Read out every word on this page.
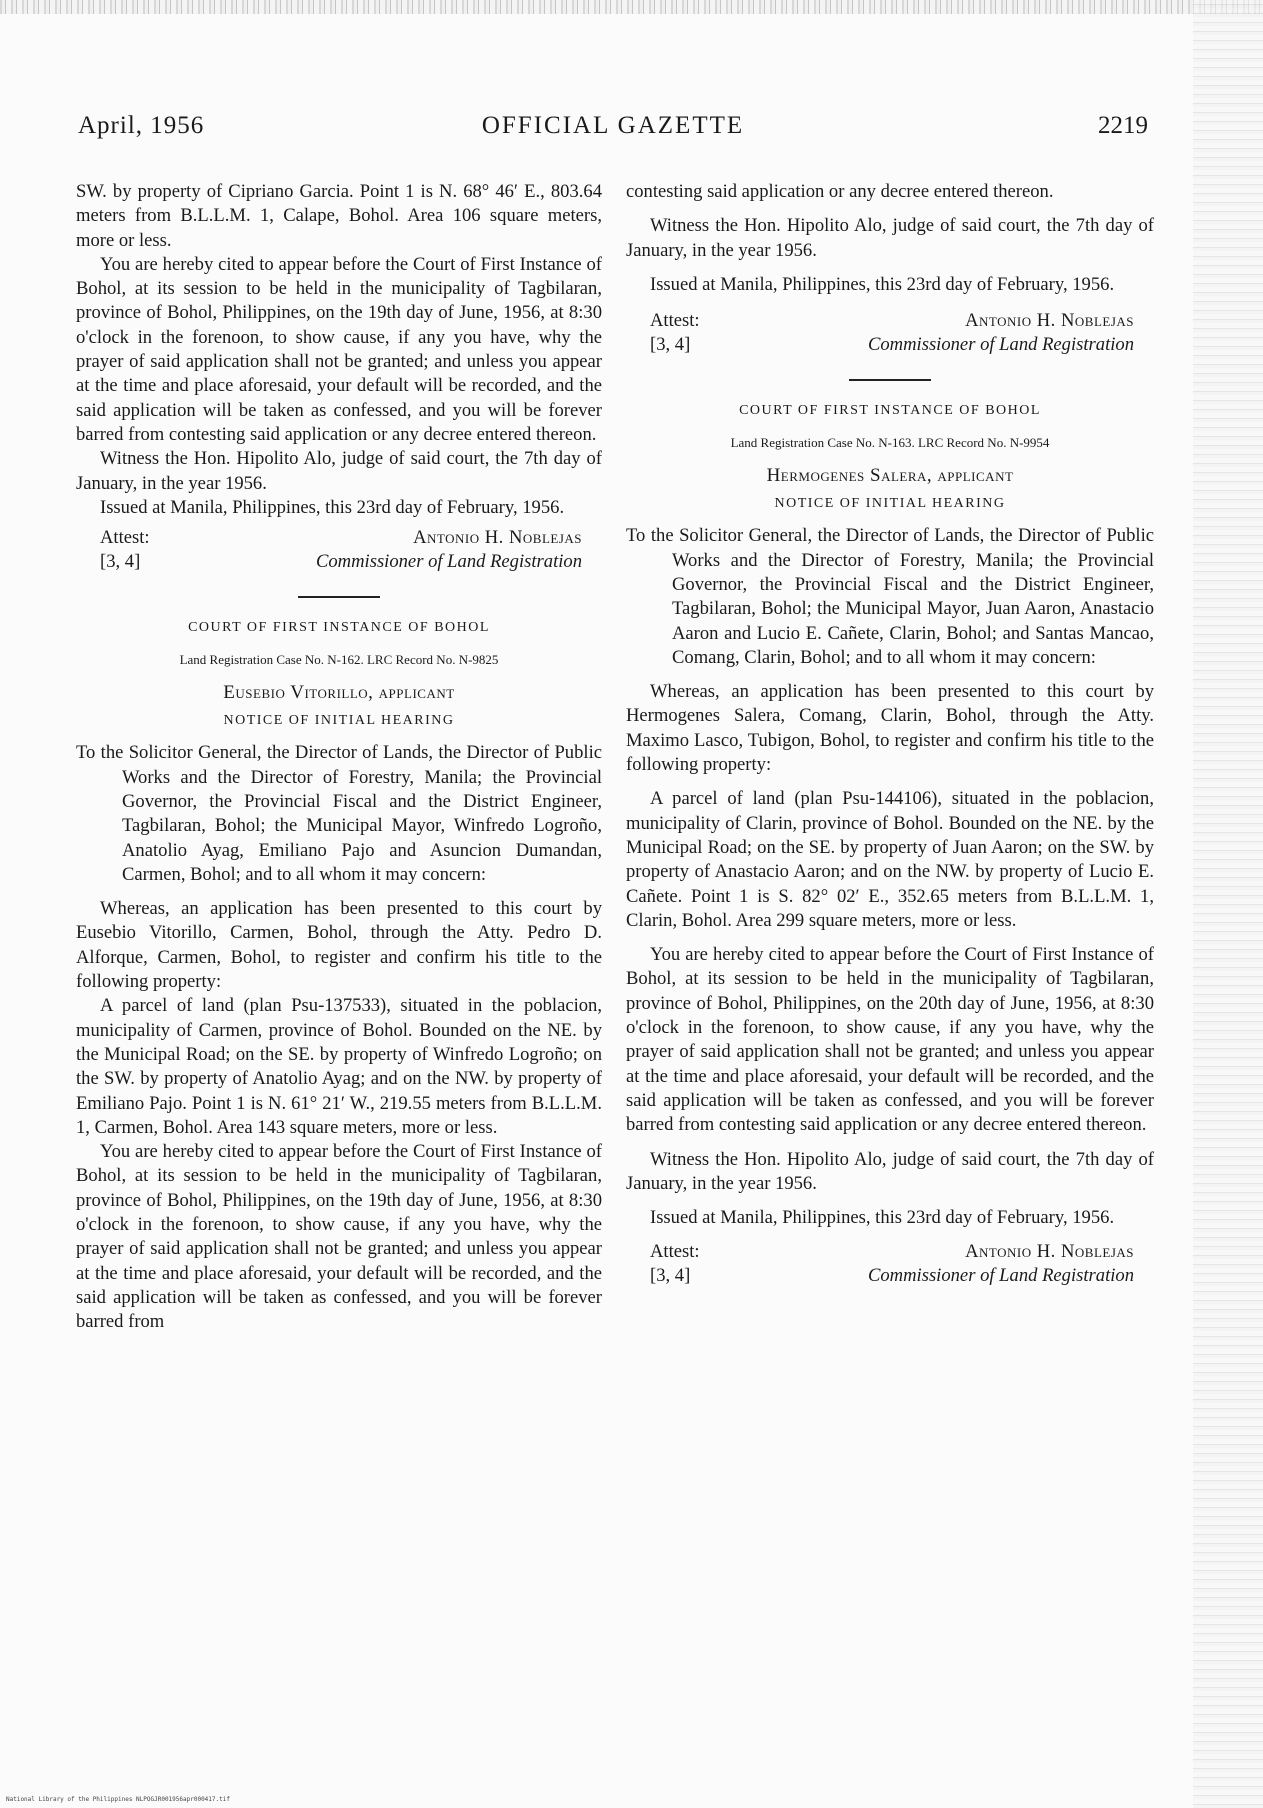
April, 1956	OFFICIAL GAZETTE	2219

SW. by property of Cipriano Garcia. Point 1 is N. 68° 46′ E., 803.64 meters from B.L.L.M. 1, Calape, Bohol. Area 106 square meters, more or less.

You are hereby cited to appear before the Court of First Instance of Bohol, at its session to be held in the municipality of Tagbilaran, province of Bohol, Philippines, on the 19th day of June, 1956, at 8:30 o'clock in the forenoon, to show cause, if any you have, why the prayer of said application shall not be granted; and unless you appear at the time and place aforesaid, your default will be recorded, and the said application will be taken as confessed, and you will be forever barred from contesting said application or any decree entered thereon.

Witness the Hon. Hipolito Alo, judge of said court, the 7th day of January, in the year 1956.

Issued at Manila, Philippines, this 23rd day of February, 1956.

Attest:	Antonio H. Noblejas
[3, 4]	Commissioner of Land Registration
COURT OF FIRST INSTANCE OF BOHOL
Land Registration Case No. N-162. LRC Record No. N-9825
Eusebio Vitorillo, applicant
NOTICE OF INITIAL HEARING

To the Solicitor General, the Director of Lands, the Director of Public Works and the Director of Forestry, Manila; the Provincial Governor, the Provincial Fiscal and the District Engineer, Tagbilaran, Bohol; the Municipal Mayor, Winfredo Logroño, Anatolio Ayag, Emiliano Pajo and Asuncion Dumandan, Carmen, Bohol; and to all whom it may concern:

Whereas, an application has been presented to this court by Eusebio Vitorillo, Carmen, Bohol, through the Atty. Pedro D. Alforque, Carmen, Bohol, to register and confirm his title to the following property:

A parcel of land (plan Psu-137533), situated in the poblacion, municipality of Carmen, province of Bohol. Bounded on the NE. by the Municipal Road; on the SE. by property of Winfredo Logroño; on the SW. by property of Anatolio Ayag; and on the NW. by property of Emiliano Pajo. Point 1 is N. 61° 21′ W., 219.55 meters from B.L.L.M. 1, Carmen, Bohol. Area 143 square meters, more or less.

You are hereby cited to appear before the Court of First Instance of Bohol, at its session to be held in the municipality of Tagbilaran, province of Bohol, Philippines, on the 19th day of June, 1956, at 8:30 o'clock in the forenoon, to show cause, if any you have, why the prayer of said application shall not be granted; and unless you appear at the time and place aforesaid, your default will be recorded, and the said application will be taken as confessed, and you will be forever barred from

contesting said application or any decree entered thereon.

Witness the Hon. Hipolito Alo, judge of said court, the 7th day of January, in the year 1956.

Issued at Manila, Philippines, this 23rd day of February, 1956.

Attest:	Antonio H. Noblejas
[3, 4]	Commissioner of Land Registration
COURT OF FIRST INSTANCE OF BOHOL
Land Registration Case No. N-163. LRC Record No. N-9954
Hermogenes Salera, applicant
NOTICE OF INITIAL HEARING

To the Solicitor General, the Director of Lands, the Director of Public Works and the Director of Forestry, Manila; the Provincial Governor, the Provincial Fiscal and the District Engineer, Tagbilaran, Bohol; the Municipal Mayor, Juan Aaron, Anastacio Aaron and Lucio E. Cañete, Clarin, Bohol; and Santas Mancao, Comang, Clarin, Bohol; and to all whom it may concern:

Whereas, an application has been presented to this court by Hermogenes Salera, Comang, Clarin, Bohol, through the Atty. Maximo Lasco, Tubigon, Bohol, to register and confirm his title to the following property:

A parcel of land (plan Psu-144106), situated in the poblacion, municipality of Clarin, province of Bohol. Bounded on the NE. by the Municipal Road; on the SE. by property of Juan Aaron; on the SW. by property of Anastacio Aaron; and on the NW. by property of Lucio E. Cañete. Point 1 is S. 82° 02′ E., 352.65 meters from B.L.L.M. 1, Clarin, Bohol. Area 299 square meters, more or less.

You are hereby cited to appear before the Court of First Instance of Bohol, at its session to be held in the municipality of Tagbilaran, province of Bohol, Philippines, on the 20th day of June, 1956, at 8:30 o'clock in the forenoon, to show cause, if any you have, why the prayer of said application shall not be granted; and unless you appear at the time and place aforesaid, your default will be recorded, and the said application will be taken as confessed, and you will be forever barred from contesting said application or any decree entered thereon.

Witness the Hon. Hipolito Alo, judge of said court, the 7th day of January, in the year 1956.

Issued at Manila, Philippines, this 23rd day of February, 1956.

Attest:	Antonio H. Noblejas
[3, 4]	Commissioner of Land Registration
National Library of the Philippines NLPOGJR001956apr000417.tif
